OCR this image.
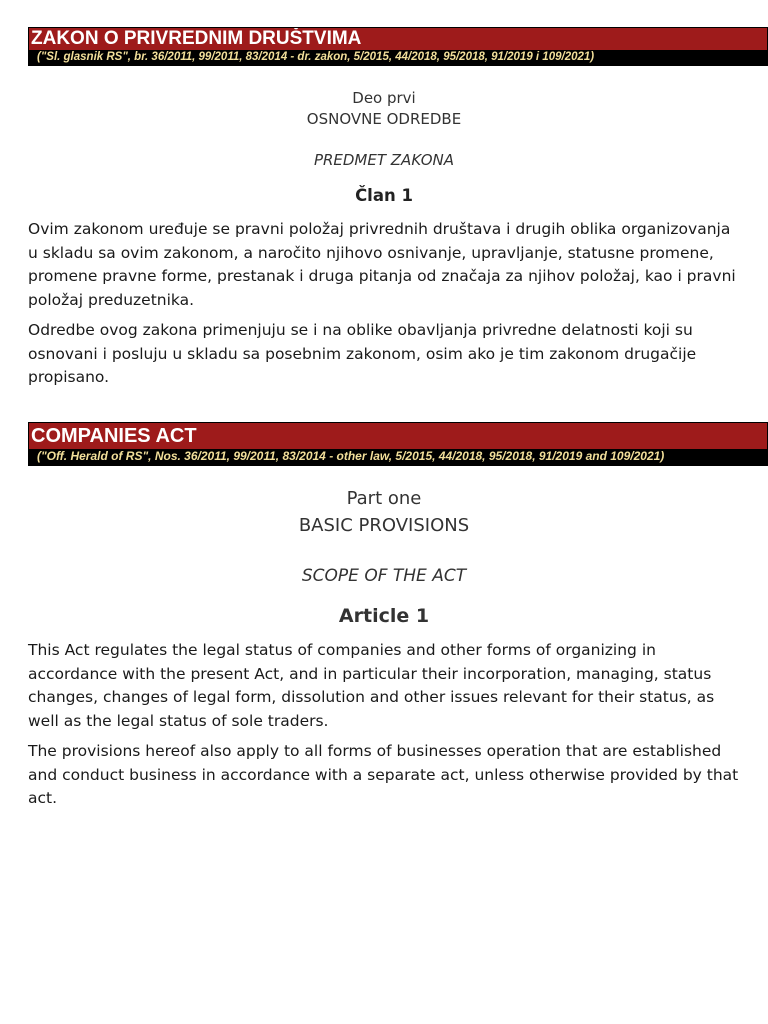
ZAKON O PRIVREDNIM DRUŠTVIMA
("Sl. glasnik RS", br. 36/2011, 99/2011, 83/2014 - dr. zakon, 5/2015, 44/2018, 95/2018, 91/2019 i 109/2021)
Deo prvi
OSNOVNE ODREDBE
PREDMET ZAKONA
Član 1

Ovim zakonom uređuje se pravni položaj privrednih društava i drugih oblika organizovanja u skladu sa ovim zakonom, a naročito njihovo osnivanje, upravljanje, statusne promene, promene pravne forme, prestanak i druga pitanja od značaja za njihov položaj, kao i pravni položaj preduzetnika.

Odredbe ovog zakona primenjuju se i na oblike obavljanja privredne delatnosti koji su osnovani i posluju u skladu sa posebnim zakonom, osim ako je tim zakonom drugačije propisano.

COMPANIES ACT
("Off. Herald of RS", Nos. 36/2011, 99/2011, 83/2014 - other law, 5/2015, 44/2018, 95/2018, 91/2019 and 109/2021)
Part one
BASIC PROVISIONS
SCOPE OF THE ACT
Article 1

This Act regulates the legal status of companies and other forms of organizing in accordance with the present Act, and in particular their incorporation, managing, status changes, changes of legal form, dissolution and other issues relevant for their status, as well as the legal status of sole traders.

The provisions hereof also apply to all forms of businesses operation that are established and conduct business in accordance with a separate act, unless otherwise provided by that act.
